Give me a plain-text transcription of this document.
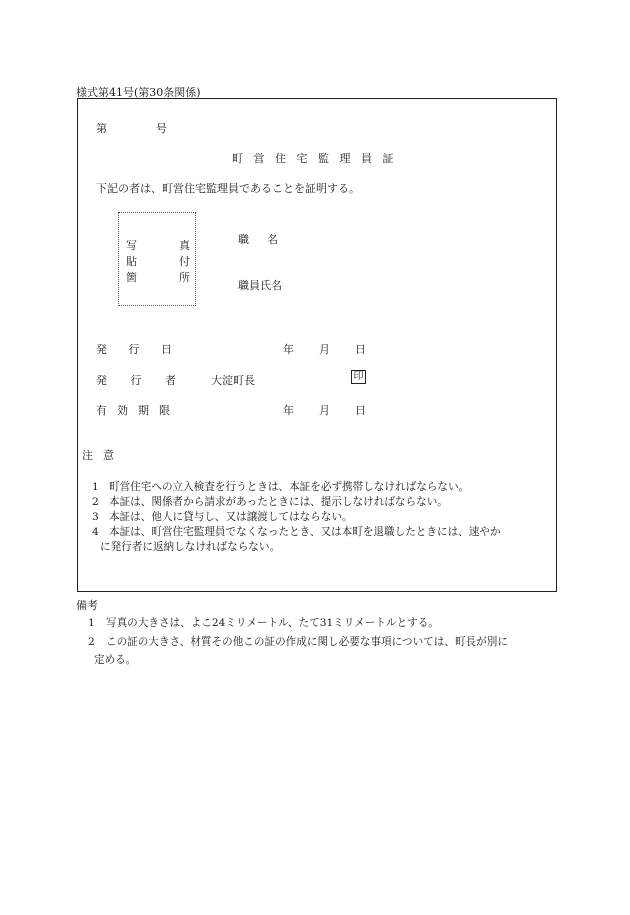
様式第41号(第30条関係)
第	号
町営住宅監理員証
下記の者は、町営住宅監理員であることを証明する。
写	真
貼	付
箇	所
職名
職員氏名
発 行 日	年 月 日
発 行 者	大淀町長	印
有 効 期 限	年 月 日
注意
1 町営住宅への立入検査を行うときは、本証を必ず携帯しなければならない。
2 本証は、関係者から請求があったときには、提示しなければならない。
3 本証は、他人に貸与し、又は譲渡してはならない。
4 本証は、町営住宅監理員でなくなったとき、又は本町を退職したときには、速やか
に発行者に返納しなければならない。
備考
1 写真の大きさは、よこ24ミリメートル、たて31ミリメートルとする。
2 この証の大きさ、材質その他この証の作成に関し必要な事項については、町長が別に
定める。
